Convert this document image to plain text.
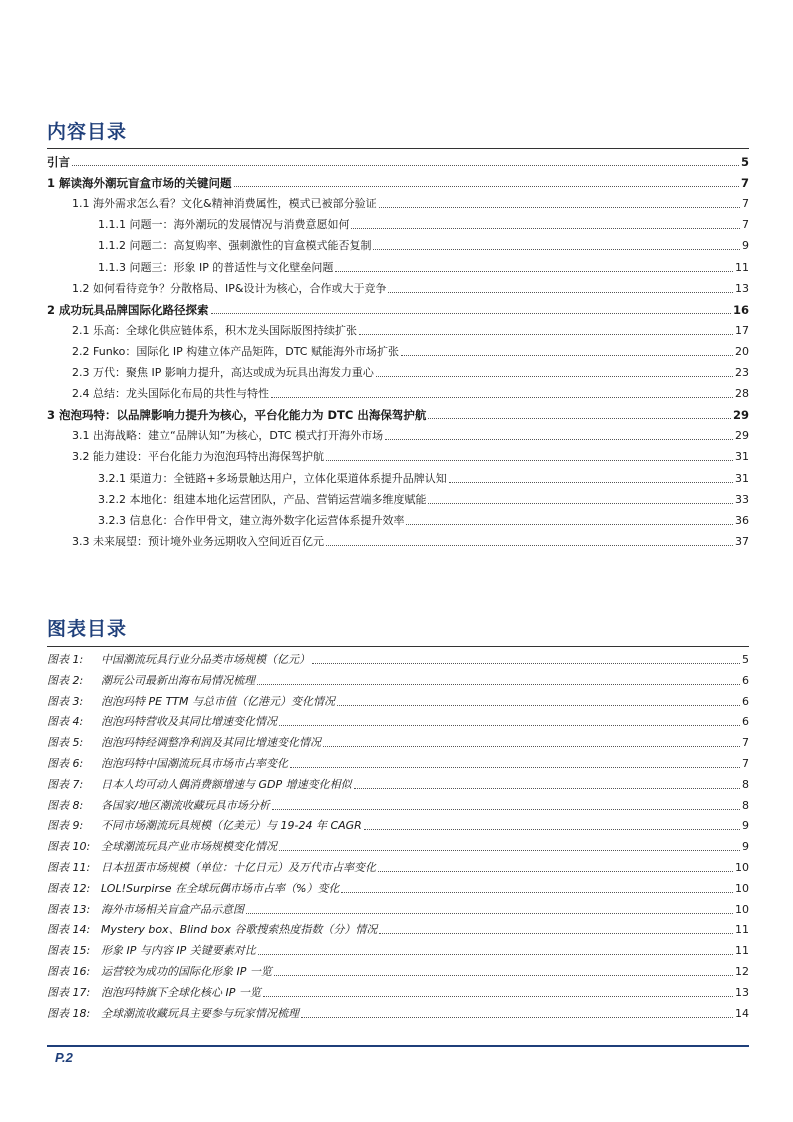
内容目录
引言	5
1 解读海外潮玩盲盒市场的关键问题	7
1.1 海外需求怎么看？文化&精神消费属性，模式已被部分验证	7
1.1.1 问题一：海外潮玩的发展情况与消费意愿如何	7
1.1.2 问题二：高复购率、强刺激性的盲盒模式能否复制	9
1.1.3 问题三：形象 IP 的普适性与文化壁垒问题	11
1.2 如何看待竞争？分散格局、IP&设计为核心，合作或大于竞争	13
2 成功玩具品牌国际化路径探索	16
2.1 乐高：全球化供应链体系，积木龙头国际版图持续扩张	17
2.2 Funko：国际化 IP 构建立体产品矩阵，DTC 赋能海外市场扩张	20
2.3 万代：聚焦 IP 影响力提升，高达或成为玩具出海发力重心	23
2.4 总结：龙头国际化布局的共性与特性	28
3 泡泡玛特：以品牌影响力提升为核心，平台化能力为 DTC 出海保驾护航	29
3.1 出海战略：建立“品牌认知”为核心，DTC 模式打开海外市场	29
3.2 能力建设：平台化能力为泡泡玛特出海保驾护航	31
3.2.1 渠道力：全链路+多场景触达用户，立体化渠道体系提升品牌认知	31
3.2.2 本地化：组建本地化运营团队，产品、营销运营端多维度赋能	33
3.2.3 信息化：合作甲骨文，建立海外数字化运营体系提升效率	36
3.3 未来展望：预计境外业务远期收入空间近百亿元	37
图表目录
图表 1:	中国潮流玩具行业分品类市场规模（亿元）	5
图表 2:	潮玩公司最新出海布局情况梳理	6
图表 3:	泡泡玛特 PE TTM 与总市值（亿港元）变化情况	6
图表 4:	泡泡玛特营收及其同比增速变化情况	6
图表 5:	泡泡玛特经调整净利润及其同比增速变化情况	7
图表 6:	泡泡玛特中国潮流玩具市场市占率变化	7
图表 7:	日本人均可动人偶消费额增速与 GDP 增速变化相似	8
图表 8:	各国家/地区潮流收藏玩具市场分析	8
图表 9:	不同市场潮流玩具规模（亿美元）与 19-24 年 CAGR	9
图表 10: 全球潮流玩具产业市场规模变化情况	9
图表 11: 日本扭蛋市场规模（单位：十亿日元）及万代市占率变化	10
图表 12: LOL!Surpirse 在全球玩偶市场市占率（%）变化	10
图表 13: 海外市场相关盲盒产品示意图	10
图表 14: Mystery box、Blind box 谷歌搜索热度指数（分）情况	11
图表 15: 形象 IP 与内容 IP 关键要素对比	11
图表 16: 运营较为成功的国际化形象 IP 一览	12
图表 17: 泡泡玛特旗下全球化核心 IP 一览	13
图表 18: 全球潮流收藏玩具主要参与玩家情况梳理	14
P.2
